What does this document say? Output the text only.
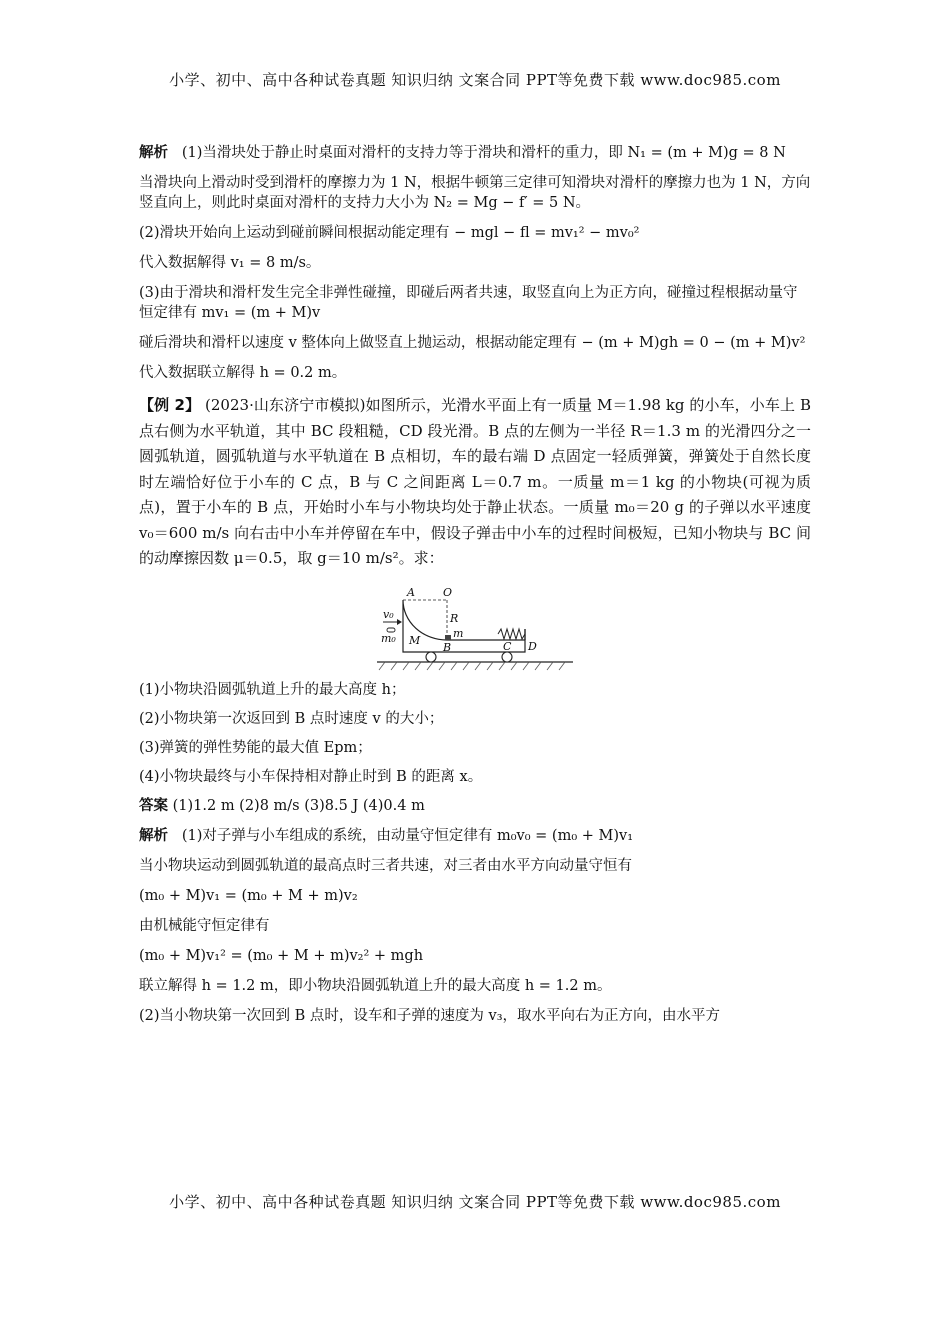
小学、初中、高中各种试卷真题 知识归纳 文案合同 PPT等免费下载 www.doc985.com

解析 (1)当滑块处于静止时桌面对滑杆的支持力等于滑块和滑杆的重力，即 N₁ = (m + M)g = 8 N

当滑块向上滑动时受到滑杆的摩擦力为 1 N，根据牛顿第三定律可知滑块对滑杆的摩擦力也为 1 N，方向竖直向上，则此时桌面对滑杆的支持力大小为 N₂ = Mg − f′ = 5 N。

(2)滑块开始向上运动到碰前瞬间根据动能定理有 − mgl − fl = mv₁² − mv₀²

代入数据解得 v₁ = 8 m/s。

(3)由于滑块和滑杆发生完全非弹性碰撞，即碰后两者共速，取竖直向上为正方向，碰撞过程根据动量守恒定律有 mv₁ = (m + M)v

碰后滑块和滑杆以速度 v 整体向上做竖直上抛运动，根据动能定理有 − (m + M)gh = 0 − (m + M)v²

代入数据联立解得 h = 0.2 m。

【例 2】 (2023·山东济宁市模拟)如图所示，光滑水平面上有一质量 M＝1.98 kg 的小车，小车上 B 点右侧为水平轨道，其中 BC 段粗糙，CD 段光滑。B 点的左侧为一半径 R＝1.3 m 的光滑四分之一圆弧轨道，圆弧轨道与水平轨道在 B 点相切，车的最右端 D 点固定一轻质弹簧，弹簧处于自然长度时左端恰好位于小车的 C 点，B 与 C 之间距离 L＝0.7 m。一质量 m＝1 kg 的小物块(可视为质点)，置于小车的 B 点，开始时小车与小物块均处于静止状态。一质量 m₀＝20 g 的子弹以水平速度 v₀＝600 m/s 向右击中小车并停留在车中，假设子弹击中小车的过程时间极短，已知小物块与 BC 间的动摩擦因数 μ＝0.5，取 g＝10 m/s²。求：

A	O
R
m
M
B	C D
v₀
m₀

(1)小物块沿圆弧轨道上升的最大高度 h；

(2)小物块第一次返回到 B 点时速度 v 的大小；

(3)弹簧的弹性势能的最大值 Epm；

(4)小物块最终与小车保持相对静止时到 B 的距离 x。

答案 (1)1.2 m (2)8 m/s (3)8.5 J (4)0.4 m

解析 (1)对子弹与小车组成的系统，由动量守恒定律有 m₀v₀ = (m₀ + M)v₁

当小物块运动到圆弧轨道的最高点时三者共速，对三者由水平方向动量守恒有

(m₀ + M)v₁ = (m₀ + M + m)v₂

由机械能守恒定律有

(m₀ + M)v₁² = (m₀ + M + m)v₂² + mgh

联立解得 h = 1.2 m，即小物块沿圆弧轨道上升的最大高度 h = 1.2 m。

(2)当小物块第一次回到 B 点时，设车和子弹的速度为 v₃，取水平向右为正方向，由水平方

小学、初中、高中各种试卷真题 知识归纳 文案合同 PPT等免费下载 www.doc985.com
